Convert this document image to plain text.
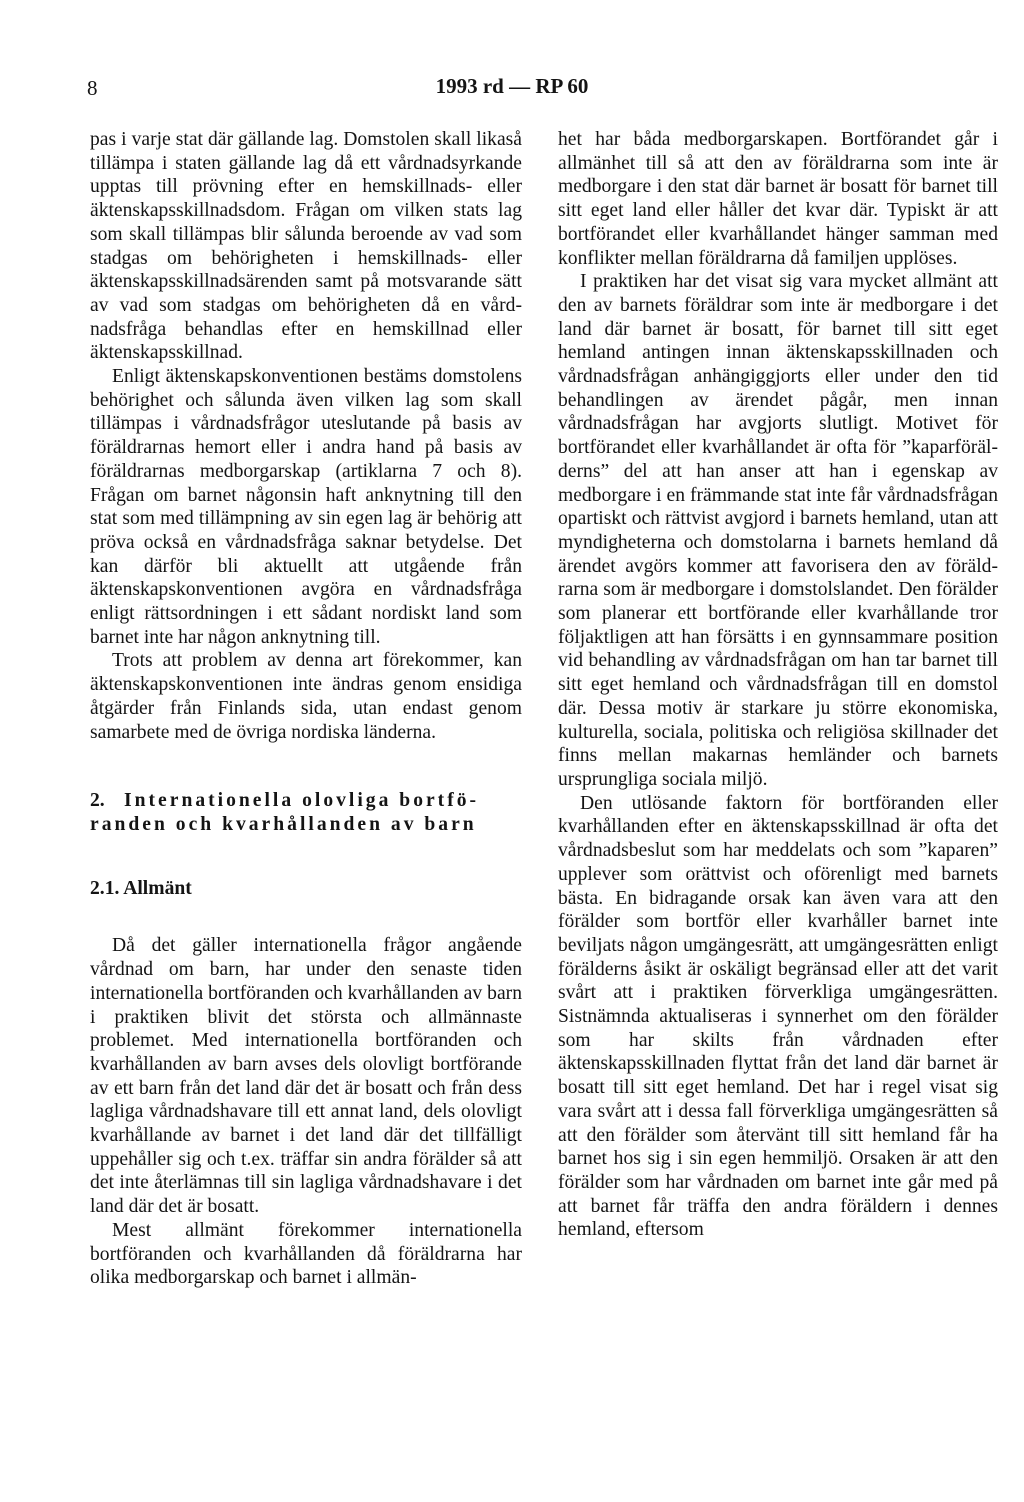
8	1993 rd — RP 60

pas i varje stat där gällande lag. Domstolen skall likaså tillämpa i staten gällande lag då ett vårdnadsyrkande upptas till prövning efter en hemskillnads- eller äktenskapsskillnadsdom. Frågan om vilken stats lag som skall tillämpas blir sålunda beroende av vad som stadgas om behörigheten i hemskillnads- eller äktenskapsskillnadsärenden samt på motsvarande sätt av vad som stadgas om behörigheten då en vårdnadsfråga behandlas efter en hemskillnad eller äktenskapsskillnad.

Enligt äktenskapskonventionen bestäms domstolens behörighet och sålunda även vilken lag som skall tillämpas i vårdnadsfrågor uteslutande på basis av föräldrarnas hemort eller i andra hand på basis av föräldrarnas medborgarskap (artiklarna 7 och 8). Frågan om barnet någonsin haft anknytning till den stat som med tillämpning av sin egen lag är behörig att pröva också en vårdnadsfråga saknar betydelse. Det kan därför bli aktuellt att utgående från äktenskapskonventionen avgöra en vårdnadsfråga enligt rättsordningen i ett sådant nordiskt land som barnet inte har någon anknytning till.

Trots att problem av denna art förekommer, kan äktenskapskonventionen inte ändras genom ensidiga åtgärder från Finlands sida, utan endast genom samarbete med de övriga nordiska länderna.

2. Internationella olovliga bortföranden och kvarhållanden av barn
2.1. Allmänt

Då det gäller internationella frågor angående vårdnad om barn, har under den senaste tiden internationella bortföranden och kvarhållanden av barn i praktiken blivit det största och allmännaste problemet. Med internationella bortföranden och kvarhållanden av barn avses dels olovligt bortförande av ett barn från det land där det är bosatt och från dess lagliga vårdnadshavare till ett annat land, dels olovligt kvarhållande av barnet i det land där det tillfälligt uppehåller sig och t.ex. träffar sin andra förälder så att det inte återlämnas till sin lagliga vårdnadshavare i det land där det är bosatt.

Mest allmänt förekommer internationella bortföranden och kvarhållanden då föräldrarna har olika medborgarskap och barnet i allmän-

het har båda medborgarskapen. Bortförandet går i allmänhet till så att den av föräldrarna som inte är medborgare i den stat där barnet är bosatt för barnet till sitt eget land eller håller det kvar där. Typiskt är att bortförandet eller kvarhållandet hänger samman med konflikter mellan föräldrarna då familjen upplöses.

I praktiken har det visat sig vara mycket allmänt att den av barnets föräldrar som inte är medborgare i det land där barnet är bosatt, för barnet till sitt eget hemland antingen innan äktenskapsskillnaden och vårdnadsfrågan anhängiggjorts eller under den tid behandlingen av ärendet pågår, men innan vårdnadsfrågan har avgjorts slutligt. Motivet för bortförandet eller kvarhållandet är ofta för ”kaparförälderns” del att han anser att han i egenskap av medborgare i en främmande stat inte får vårdnadsfrågan opartiskt och rättvist avgjord i barnets hemland, utan att myndigheterna och domstolarna i barnets hemland då ärendet avgörs kommer att favorisera den av föräldrarna som är medborgare i domstolslandet. Den förälder som planerar ett bortförande eller kvarhållande tror följaktligen att han försätts i en gynnsammare position vid behandling av vårdnadsfrågan om han tar barnet till sitt eget hemland och vårdnadsfrågan till en domstol där. Dessa motiv är starkare ju större ekonomiska, kulturella, sociala, politiska och religiösa skillnader det finns mellan makarnas hemländer och barnets ursprungliga sociala miljö.

Den utlösande faktorn för bortföranden eller kvarhållanden efter en äktenskapsskillnad är ofta det vårdnadsbeslut som har meddelats och som ”kaparen” upplever som orättvist och oförenligt med barnets bästa. En bidragande orsak kan även vara att den förälder som bortför eller kvarhåller barnet inte beviljats någon umgängesrätt, att umgängesrätten enligt förälderns åsikt är oskäligt begränsad eller att det varit svårt att i praktiken förverkliga umgängesrätten. Sistnämnda aktualiseras i synnerhet om den förälder som har skilts från vårdnaden efter äktenskapsskillnaden flyttat från det land där barnet är bosatt till sitt eget hemland. Det har i regel visat sig vara svårt att i dessa fall förverkliga umgängesrätten så att den förälder som återvänt till sitt hemland får ha barnet hos sig i sin egen hemmiljö. Orsaken är att den förälder som har vårdnaden om barnet inte går med på att barnet får träffa den andra föräldern i dennes hemland, eftersom
